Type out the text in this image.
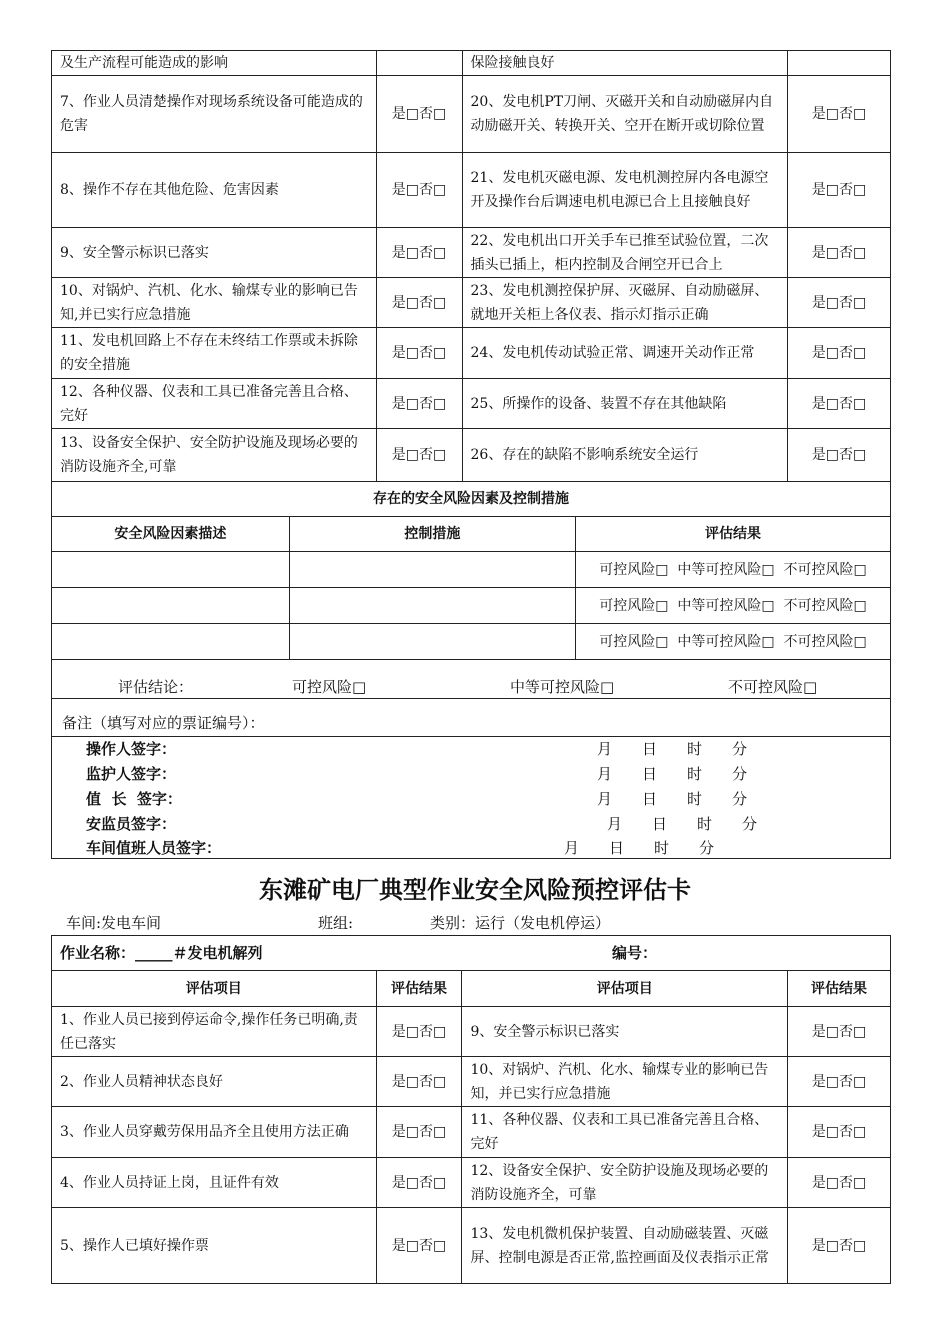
及生产流程可能造成的影响		保险接触良好	
7、作业人员清楚操作对现场系统设备可能造成的危害	是□否□	20、发电机PT刀闸、灭磁开关和自动励磁屏内自动励磁开关、转换开关、空开在断开或切除位置	是□否□
8、操作不存在其他危险、危害因素	是□否□	21、发电机灭磁电源、发电机测控屏内各电源空开及操作台后调速电机电源已合上且接触良好	是□否□
9、安全警示标识已落实	是□否□	22、发电机出口开关手车已推至试验位置，二次插头已插上，柜内控制及合闸空开已合上	是□否□
10、对锅炉、汽机、化水、输煤专业的影响已告知,并已实行应急措施	是□否□	23、发电机测控保护屏、灭磁屏、自动励磁屏、就地开关柜上各仪表、指示灯指示正确	是□否□
11、发电机回路上不存在未终结工作票或未拆除的安全措施	是□否□	24、发电机传动试验正常、调速开关动作正常	是□否□
12、各种仪器、仪表和工具已准备完善且合格、完好	是□否□	25、所操作的设备、装置不存在其他缺陷	是□否□
13、设备安全保护、安全防护设施及现场必要的消防设施齐全,可靠	是□否□	26、存在的缺陷不影响系统安全运行	是□否□
存在的安全风险因素及控制措施
安全风险因素描述	控制措施	评估结果
		可控风险□  中等可控风险□  不可控风险□
		可控风险□  中等可控风险□  不可控风险□
		可控风险□  中等可控风险□  不可控风险□
评估结论：	可控风险□	中等可控风险□	不可控风险□
备注（填写对应的票证编号）：
操作人签字：	月　　日　　时　　分
监护人签字：	月　　日　　时　　分
值  长  签字：	月　　日　　时　　分
安监员签字：	月　　日　　时　　分
车间值班人员签字：	月　　日　　时　　分
东滩矿电厂典型作业安全风险预控评估卡
车间:发电车间	班组:	类别：运行（发电机停运）
作业名称：_____＃发电机解列		编号：	
评估项目	评估结果	评估项目	评估结果
1、作业人员已接到停运命令,操作任务已明确,责任已落实	是□否□	9、安全警示标识已落实	是□否□
2、作业人员精神状态良好	是□否□	10、对锅炉、汽机、化水、输煤专业的影响已告知，并已实行应急措施	是□否□
3、作业人员穿戴劳保用品齐全且使用方法正确	是□否□	11、各种仪器、仪表和工具已准备完善且合格、完好	是□否□
4、作业人员持证上岗，且证件有效	是□否□	12、设备安全保护、安全防护设施及现场必要的消防设施齐全，可靠	是□否□
5、操作人已填好操作票	是□否□	13、发电机微机保护装置、自动励磁装置、灭磁屏、控制电源是否正常,监控画面及仪表指示正常	是□否□
